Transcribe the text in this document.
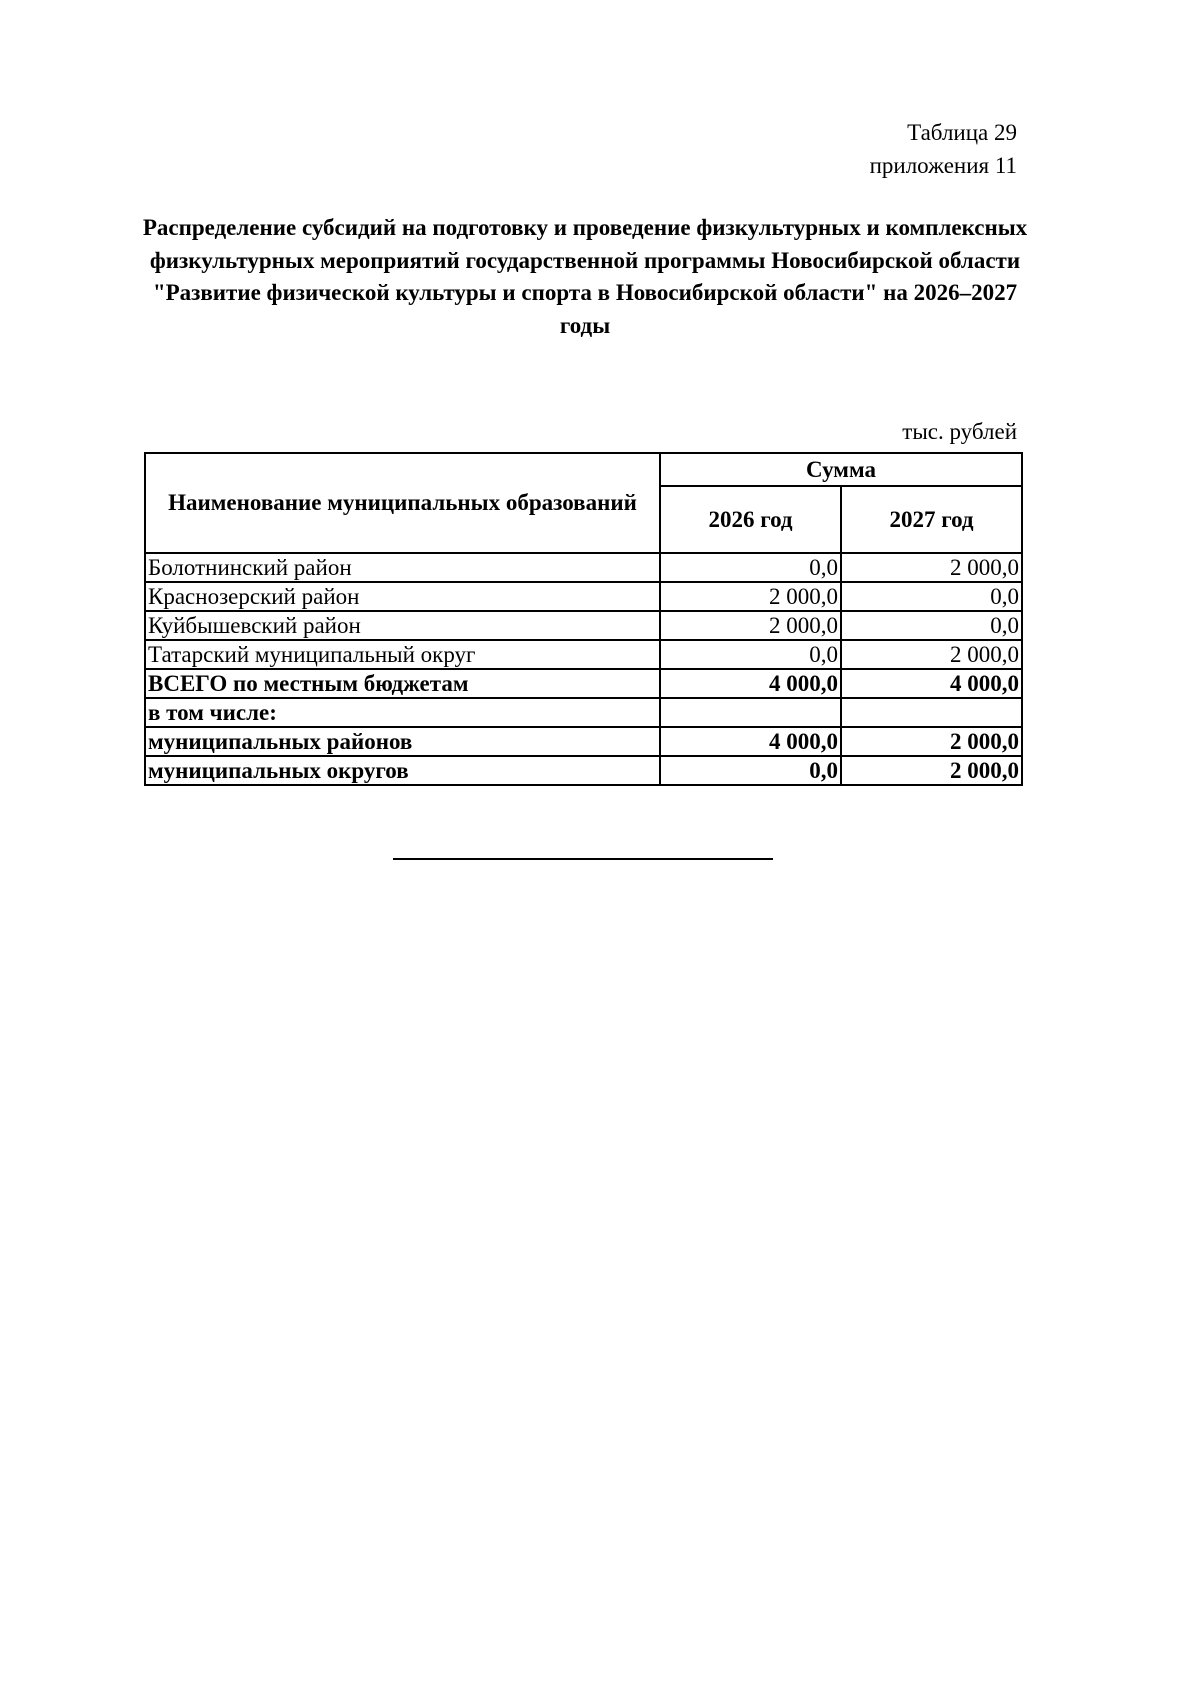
Таблица 29
приложения 11
Распределение субсидий на подготовку и проведение физкультурных и комплексных физкультурных мероприятий государственной программы Новосибирской области "Развитие физической культуры и спорта в Новосибирской области" на 2026–2027 годы
тыс. рублей
Наименование муниципальных образований	Сумма	
	2026 год	2027 год
Болотнинский район	0,0	2 000,0
Краснозерский район	2 000,0	0,0
Куйбышевский район	2 000,0	0,0
Татарский муниципальный округ	0,0	2 000,0
ВСЕГО по местным бюджетам	4 000,0	4 000,0
в том числе:		
муниципальных районов	4 000,0	2 000,0
муниципальных округов	0,0	2 000,0
